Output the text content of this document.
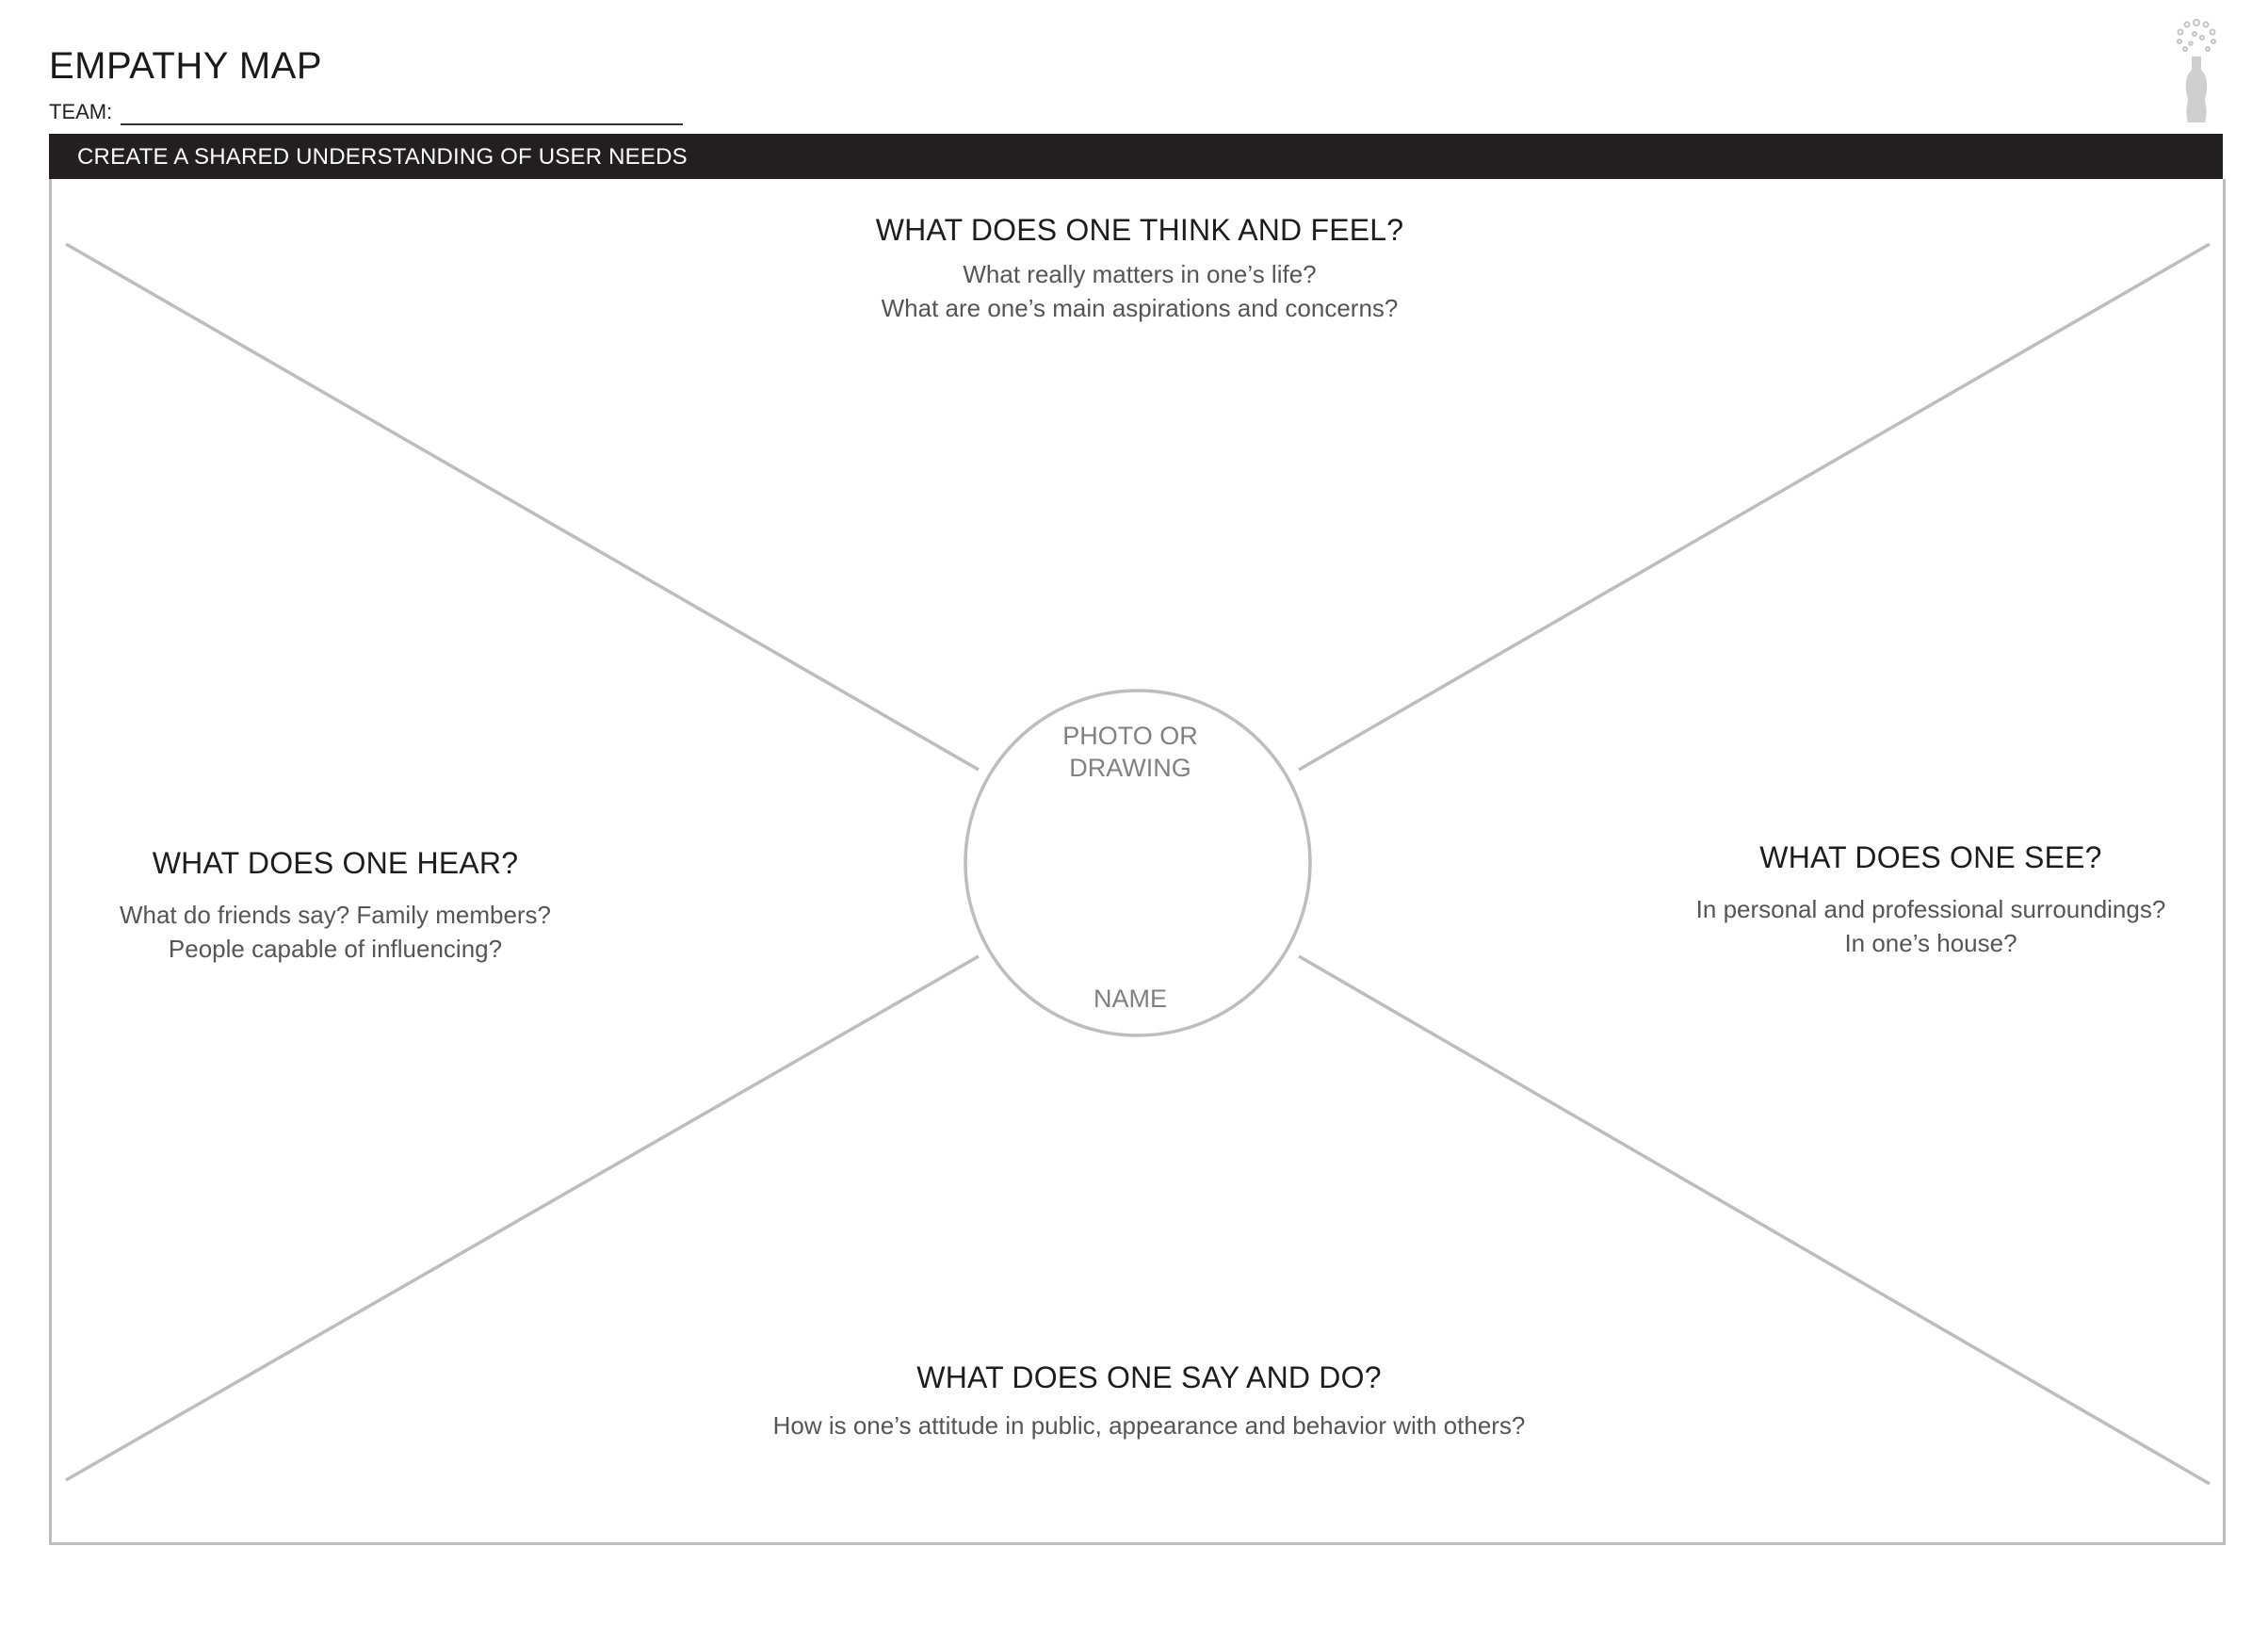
EMPATHY MAP
TEAM:
CREATE A SHARED UNDERSTANDING OF USER NEEDS
WHAT DOES ONE THINK AND FEEL?
What really matters in one’s life?
What are one’s main aspirations and concerns?
WHAT DOES ONE HEAR?
What do friends say? Family members?
People capable of influencing?
WHAT DOES ONE SEE?
In personal and professional surroundings?
In one’s house?
WHAT DOES ONE SAY AND DO?
How is one’s attitude in public, appearance and behavior with others?
PHOTO OR
DRAWING
NAME
